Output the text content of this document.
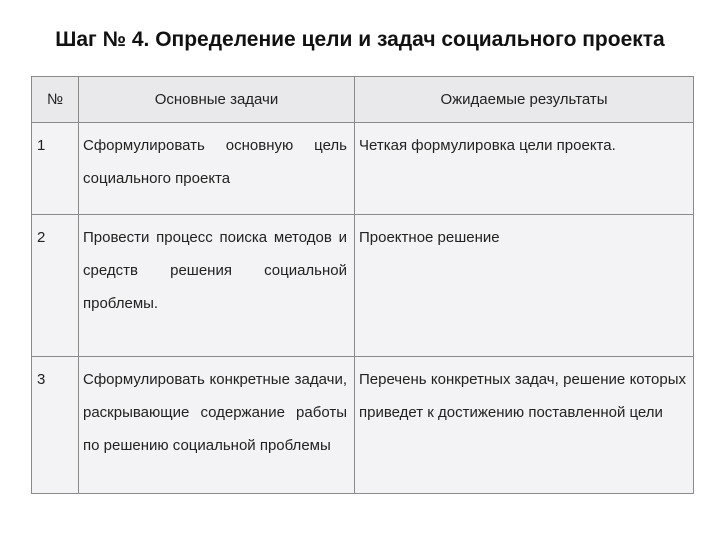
Шаг № 4. Определение цели и задач социального проекта
№	Основные задачи	Ожидаемые результаты
1	Сформулировать основную цель социального проекта	Четкая формулировка цели проекта.
2	Провести процесс поиска методов и средств решения социальной проблемы.	Проектное решение
3	Сформулировать конкретные задачи, раскрывающие содержание работы по решению социальной проблемы	Перечень конкретных задач, решение которых приведет к достижению поставленной цели
